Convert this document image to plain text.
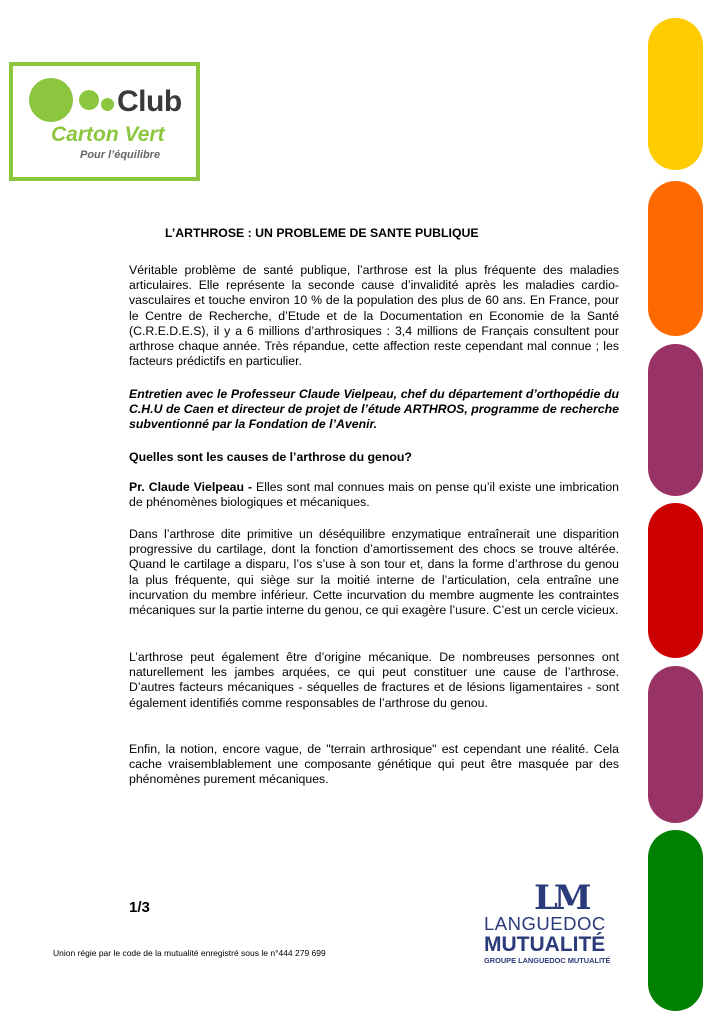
Club
Carton Vert
Pour l’équilibre
L’ARTHROSE : UN PROBLEME DE SANTE PUBLIQUE

Véritable problème de santé publique, l’arthrose est la plus fréquente des maladies articulaires. Elle représente la seconde cause d’invalidité après les maladies cardio-vasculaires et touche environ 10 % de la population des plus de 60 ans. En France, pour le Centre de Recherche, d’Etude et de la Documentation en Economie de la Santé (C.R.E.D.E.S), il y a 6 millions d’arthrosiques : 3,4 millions de Français consultent pour arthrose chaque année. Très répandue, cette affection reste cependant mal connue ; les facteurs prédictifs en particulier.

Entretien avec le Professeur Claude Vielpeau, chef du département d’orthopédie du C.H.U de Caen et directeur de projet de l’étude ARTHROS, programme de recherche subventionné par la Fondation de l’Avenir.

Quelles sont les causes de l’arthrose du genou?

Pr. Claude Vielpeau - Elles sont mal connues mais on pense qu’il existe une imbrication de phénomènes biologiques et mécaniques.

Dans l’arthrose dite primitive un déséquilibre enzymatique entraînerait une disparition progressive du cartilage, dont la fonction d’amortissement des chocs se trouve altérée. Quand le cartilage a disparu, l’os s’use à son tour et, dans la forme d’arthrose du genou la plus fréquente, qui siège sur la moitié interne de l’articulation, cela entraîne une incurvation du membre inférieur. Cette incurvation du membre augmente les contraintes mécaniques sur la partie interne du genou, ce qui exagère l’usure. C’est un cercle vicieux.

L’arthrose peut également être d’origine mécanique. De nombreuses personnes ont naturellement les jambes arquées, ce qui peut constituer une cause de l’arthrose. D’autres facteurs mécaniques - séquelles de fractures et de lésions ligamentaires - sont également identifiés comme responsables de l’arthrose du genou.

Enfin, la notion, encore vague, de "terrain arthrosique" est cependant une réalité. Cela cache vraisemblablement une composante génétique qui peut être masquée par des phénomènes purement mécaniques.

1/3
Union régie par le code de la mutualité enregistré sous le n°444 279 699
LM
LANGUEDOC
MUTUALITÉ
GROUPE LANGUEDOC MUTUALITÉ
